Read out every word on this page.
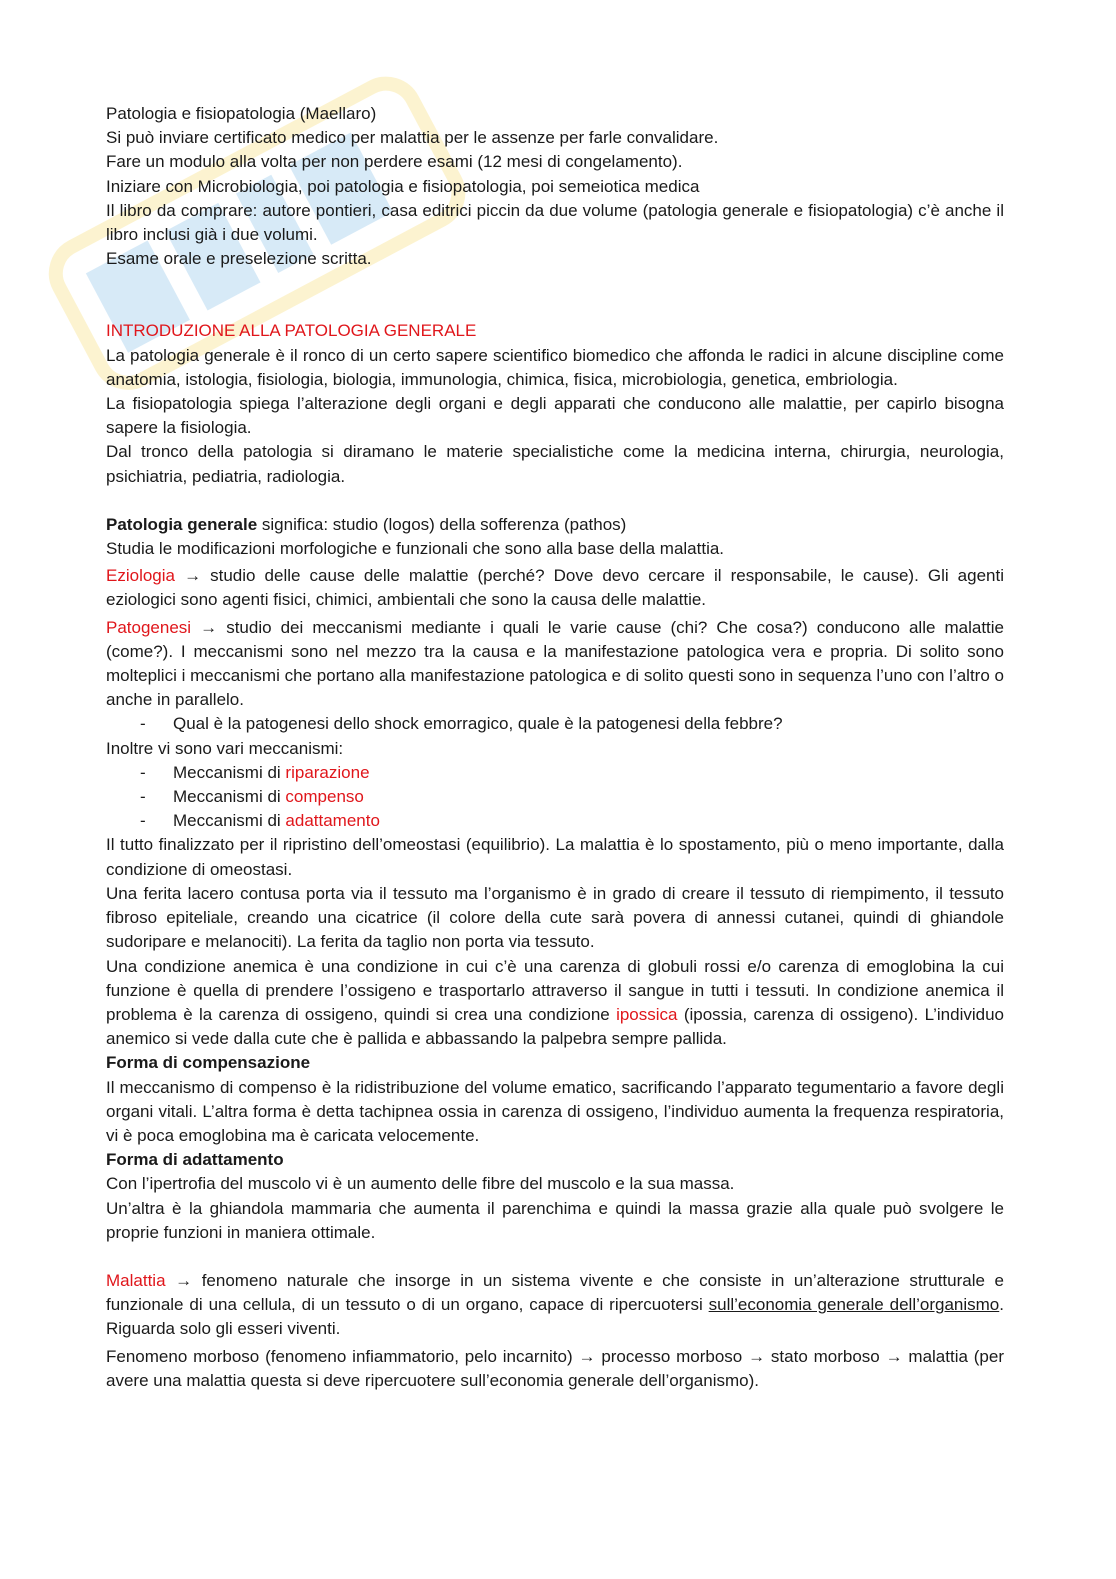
Patologia e fisiopatologia (Maellaro)

Si può inviare certificato medico per malattia per le assenze per farle convalidare.

Fare un modulo alla volta per non perdere esami (12 mesi di congelamento).

Iniziare con Microbiologia, poi patologia e fisiopatologia, poi semeiotica medica

Il libro da comprare: autore pontieri, casa editrici piccin da due volume (patologia generale e fisiopatologia) c’è anche il libro inclusi già i due volumi.

Esame orale e preselezione scritta.

INTRODUZIONE ALLA PATOLOGIA GENERALE

La patologia generale è il ronco di un certo sapere scientifico biomedico che affonda le radici in alcune discipline come anatomia, istologia, fisiologia, biologia, immunologia, chimica, fisica, microbiologia, genetica, embriologia.

La fisiopatologia spiega l’alterazione degli organi e degli apparati che conducono alle malattie, per capirlo bisogna sapere la fisiologia.

Dal tronco della patologia si diramano le materie specialistiche come la medicina interna, chirurgia, neurologia, psichiatria, pediatria, radiologia.

Patologia generale significa: studio (logos) della sofferenza (pathos)

Studia le modificazioni morfologiche e funzionali che sono alla base della malattia.

Eziologia → studio delle cause delle malattie (perché? Dove devo cercare il responsabile, le cause). Gli agenti eziologici sono agenti fisici, chimici, ambientali che sono la causa delle malattie.

Patogenesi → studio dei meccanismi mediante i quali le varie cause (chi? Che cosa?) conducono alle malattie (come?). I meccanismi sono nel mezzo tra la causa e la manifestazione patologica vera e propria. Di solito sono molteplici i meccanismi che portano alla manifestazione patologica e di solito questi sono in sequenza l’uno con l’altro o anche in parallelo.

- Qual è la patogenesi dello shock emorragico, quale è la patogenesi della febbre?

Inoltre vi sono vari meccanismi:

- Meccanismi di riparazione
- Meccanismi di compenso
- Meccanismi di adattamento

Il tutto finalizzato per il ripristino dell’omeostasi (equilibrio). La malattia è lo spostamento, più o meno importante, dalla condizione di omeostasi.

Una ferita lacero contusa porta via il tessuto ma l’organismo è in grado di creare il tessuto di riempimento, il tessuto fibroso epiteliale, creando una cicatrice (il colore della cute sarà povera di annessi cutanei, quindi di ghiandole sudoripare e melanociti). La ferita da taglio non porta via tessuto.

Una condizione anemica è una condizione in cui c’è una carenza di globuli rossi e/o carenza di emoglobina la cui funzione è quella di prendere l’ossigeno e trasportarlo attraverso il sangue in tutti i tessuti. In condizione anemica il problema è la carenza di ossigeno, quindi si crea una condizione ipossica (ipossia, carenza di ossigeno). L’individuo anemico si vede dalla cute che è pallida e abbassando la palpebra sempre pallida.

Forma di compensazione

Il meccanismo di compenso è la ridistribuzione del volume ematico, sacrificando l’apparato tegumentario a favore degli organi vitali. L’altra forma è detta tachipnea ossia in carenza di ossigeno, l’individuo aumenta la frequenza respiratoria, vi è poca emoglobina ma è caricata velocemente.

Forma di adattamento

Con l’ipertrofia del muscolo vi è un aumento delle fibre del muscolo e la sua massa.

Un’altra è la ghiandola mammaria che aumenta il parenchima e quindi la massa grazie alla quale può svolgere le proprie funzioni in maniera ottimale.

Malattia → fenomeno naturale che insorge in un sistema vivente e che consiste in un’alterazione strutturale e funzionale di una cellula, di un tessuto o di un organo, capace di ripercuotersi sull’economia generale dell’organismo. Riguarda solo gli esseri viventi.

Fenomeno morboso (fenomeno infiammatorio, pelo incarnito) → processo morboso → stato morboso → malattia (per avere una malattia questa si deve ripercuotere sull’economia generale dell’organismo).
